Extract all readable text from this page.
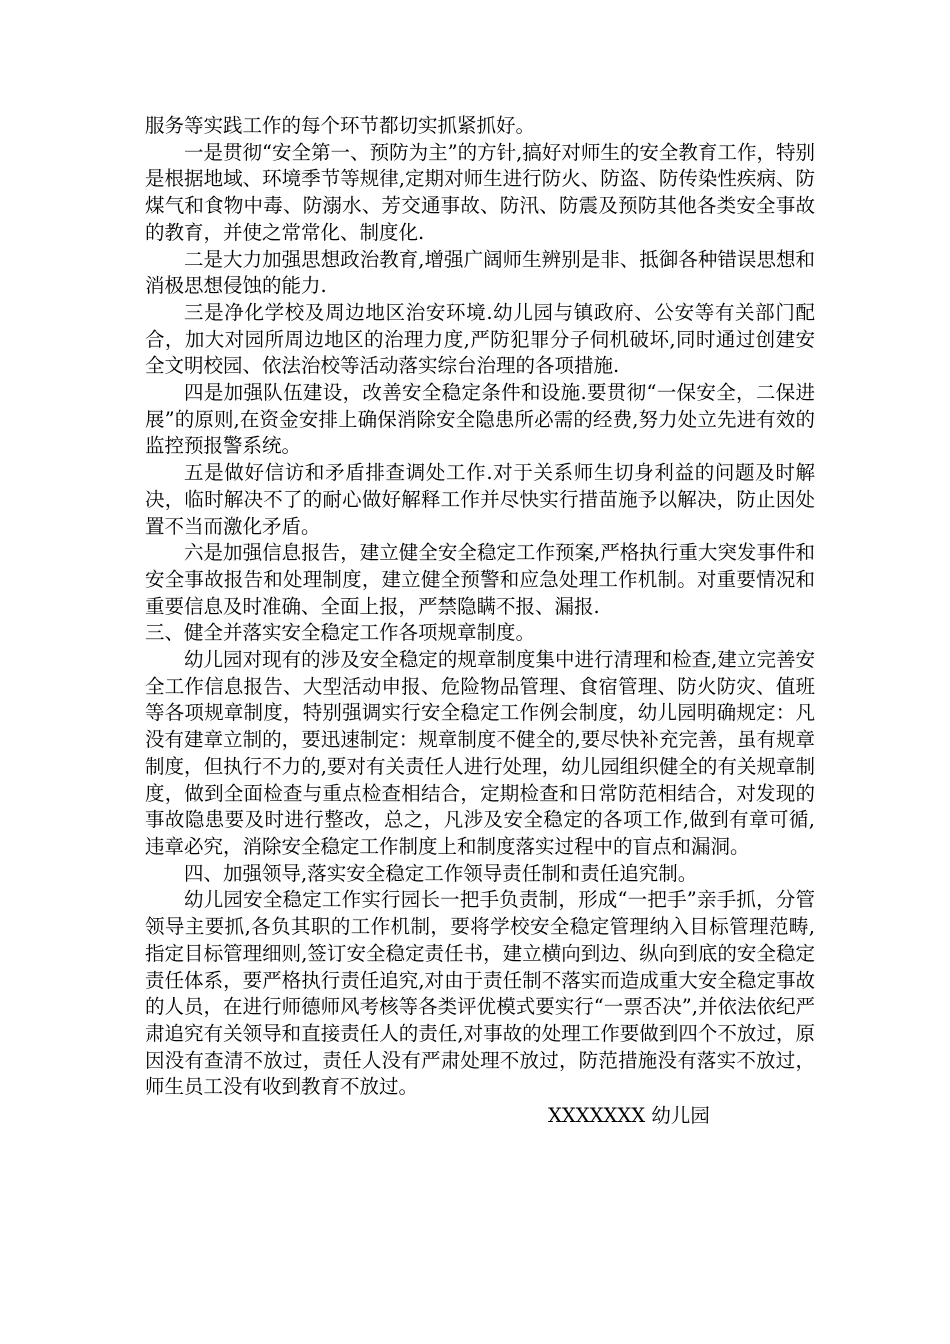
服务等实践工作的每个环节都切实抓紧抓好。

一是贯彻“安全第一、预防为主”的方针,搞好对师生的安全教育工作，特别是根据地域、环境季节等规律,定期对师生进行防火、防盗、防传染性疾病、防煤气和食物中毒、防溺水、芳交通事故、防汛、防震及预防其他各类安全事故的教育，并使之常常化、制度化.

二是大力加强思想政治教育,增强广阔师生辨别是非、抵御各种错误思想和消极思想侵蚀的能力.

三是净化学校及周边地区治安环境.幼儿园与镇政府、公安等有关部门配合，加大对园所周边地区的治理力度,严防犯罪分子伺机破坏,同时通过创建安全文明校园、依法治校等活动落实综台治理的各项措施.

四是加强队伍建设，改善安全稳定条件和设施.要贯彻“一保安全，二保进展”的原则,在资金安排上确保消除安全隐患所必需的经费,努力处立先进有效的监控预报警系统。

五是做好信访和矛盾排查调处工作.对于关系师生切身利益的问题及时解决，临时解决不了的耐心做好解释工作并尽快实行措苗施予以解决，防止因处置不当而激化矛盾。

六是加强信息报告，建立健全安全稳定工作预案,严格执行重大突发事件和安全事故报告和处理制度，建立健全预警和应急处理工作机制。对重要情况和重要信息及时准确、全面上报，严禁隐瞒不报、漏报.

三、健全并落实安全稳定工作各项规章制度。

幼儿园对现有的涉及安全稳定的规章制度集中进行清理和检查,建立完善安全工作信息报告、大型活动申报、危险物品管理、食宿管理、防火防灾、值班等各项规章制度，特别强调实行安全稳定工作例会制度，幼儿园明确规定：凡没有建章立制的，要迅速制定：规章制度不健全的,要尽快补充完善，虽有规章制度，但执行不力的,要对有关责任人进行处理，幼儿园组织健全的有关规章制度，做到全面检查与重点检查相结合，定期检查和日常防范相结合，对发现的事故隐患要及时进行整改，总之，凡涉及安全稳定的各项工作,做到有章可循,违章必究，消除安全稳定工作制度上和制度落实过程中的盲点和漏洞。

四、加强领导,落实安全稳定工作领导责任制和责任追究制。

幼儿园安全稳定工作实行园长一把手负责制，形成“一把手”亲手抓，分管领导主要抓,各负其职的工作机制，要将学校安全稳定管理纳入目标管理范畴,指定目标管理细则,签订安全稳定责任书，建立横向到边、纵向到底的安全稳定责任体系，要严格执行责任追究,对由于责任制不落实而造成重大安全稳定事故的人员，在进行师德师风考核等各类评优模式要实行“一票否决”,并依法依纪严肃追究有关领导和直接责任人的责任,对事故的处理工作要做到四个不放过，原因没有查清不放过，责任人没有严肃处理不放过，防范措施没有落实不放过，师生员工没有收到教育不放过。

XXXXXXX 幼儿园
